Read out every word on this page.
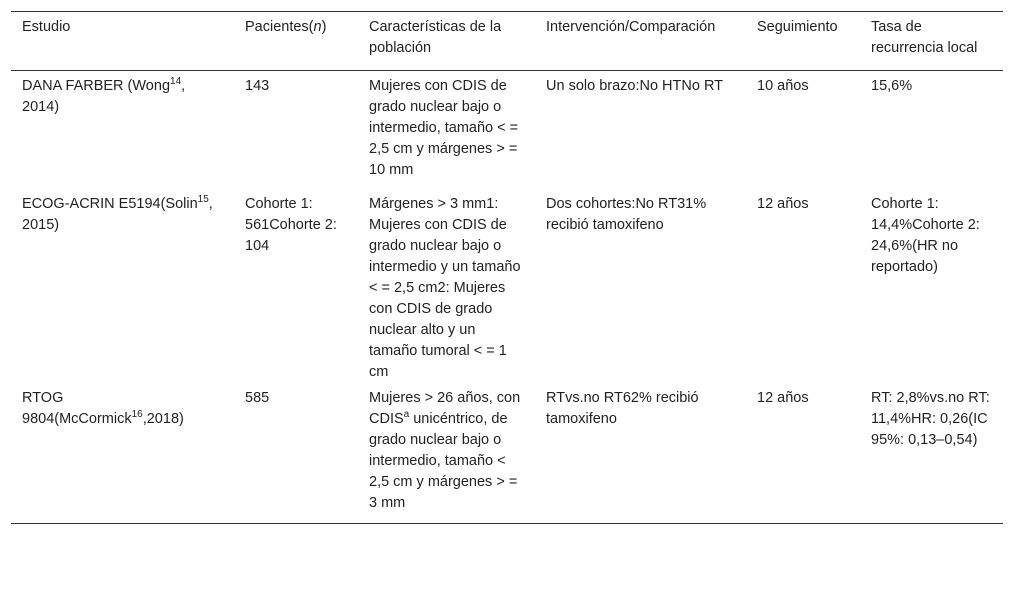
Estudio	Pacientes(n)	Características de la población	Intervención/Comparación	Seguimiento	Tasa de recurrencia local
DANA FARBER (Wong$^{14}$, 2014)	143	Mujeres con CDIS de grado nuclear bajo o intermedio, tamaño < = 2,5 cm y márgenes > = 10 mm	Un solo brazo:No HTNo RT	10 años	15,6%
ECOG-ACRIN E5194(Solin$^{15}$, 2015)	Cohorte 1: 561Cohorte 2: 104	Márgenes > 3 mm1: Mujeres con CDIS de grado nuclear bajo o intermedio y un tamaño < = 2,5 cm2: Mujeres con CDIS de grado nuclear alto y un tamaño tumoral < = 1 cm	Dos cohortes:No RT31% recibió tamoxifeno	12 años	Cohorte 1: 14,4%Cohorte 2: 24,6%(HR no reportado)
RTOG 9804(McCormick$^{16}$,2018)	585	Mujeres > 26 años, con CDIS$^a$ unicéntrico, de grado nuclear bajo o intermedio, tamaño < 2,5 cm y márgenes > = 3 mm	RTvs.no RT62% recibió tamoxifeno	12 años	RT: 2,8%vs.no RT: 11,4%HR: 0,26(IC 95%: 0,13–0,54)
